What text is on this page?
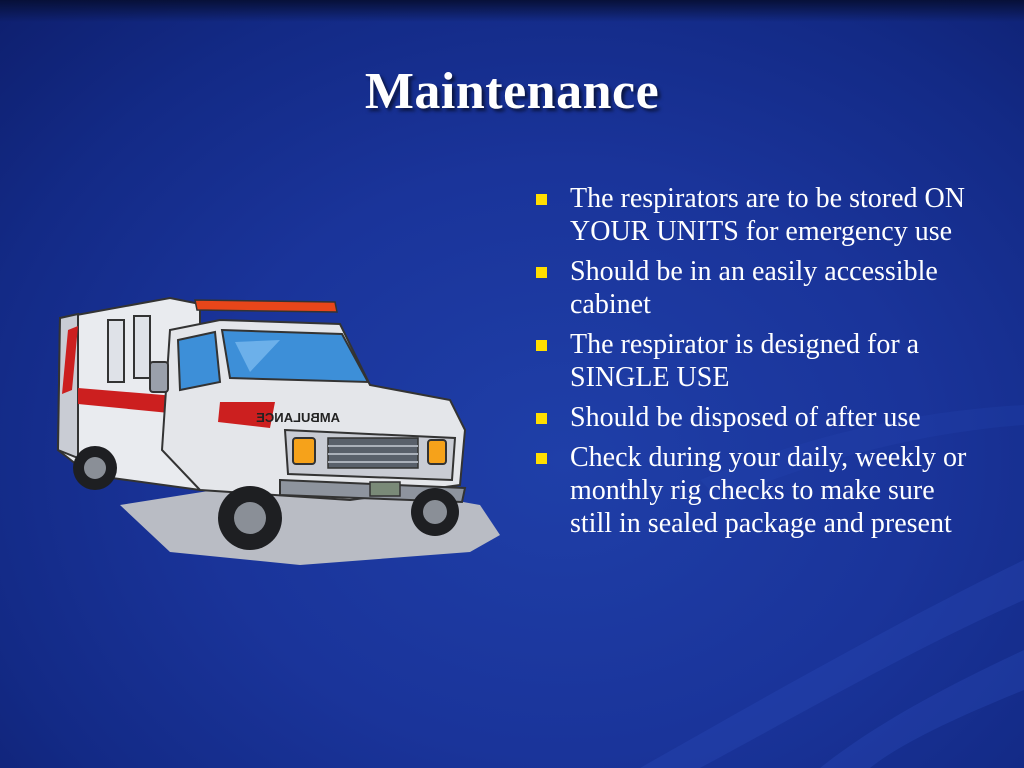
Maintenance
The respirators are to be stored ON YOUR UNITS for emergency use
Should be in an easily accessible cabinet
The respirator is designed for a SINGLE USE
Should be disposed of after use
Check during your daily, weekly or monthly rig checks to make sure still in sealed package and present
AMBULANCE
